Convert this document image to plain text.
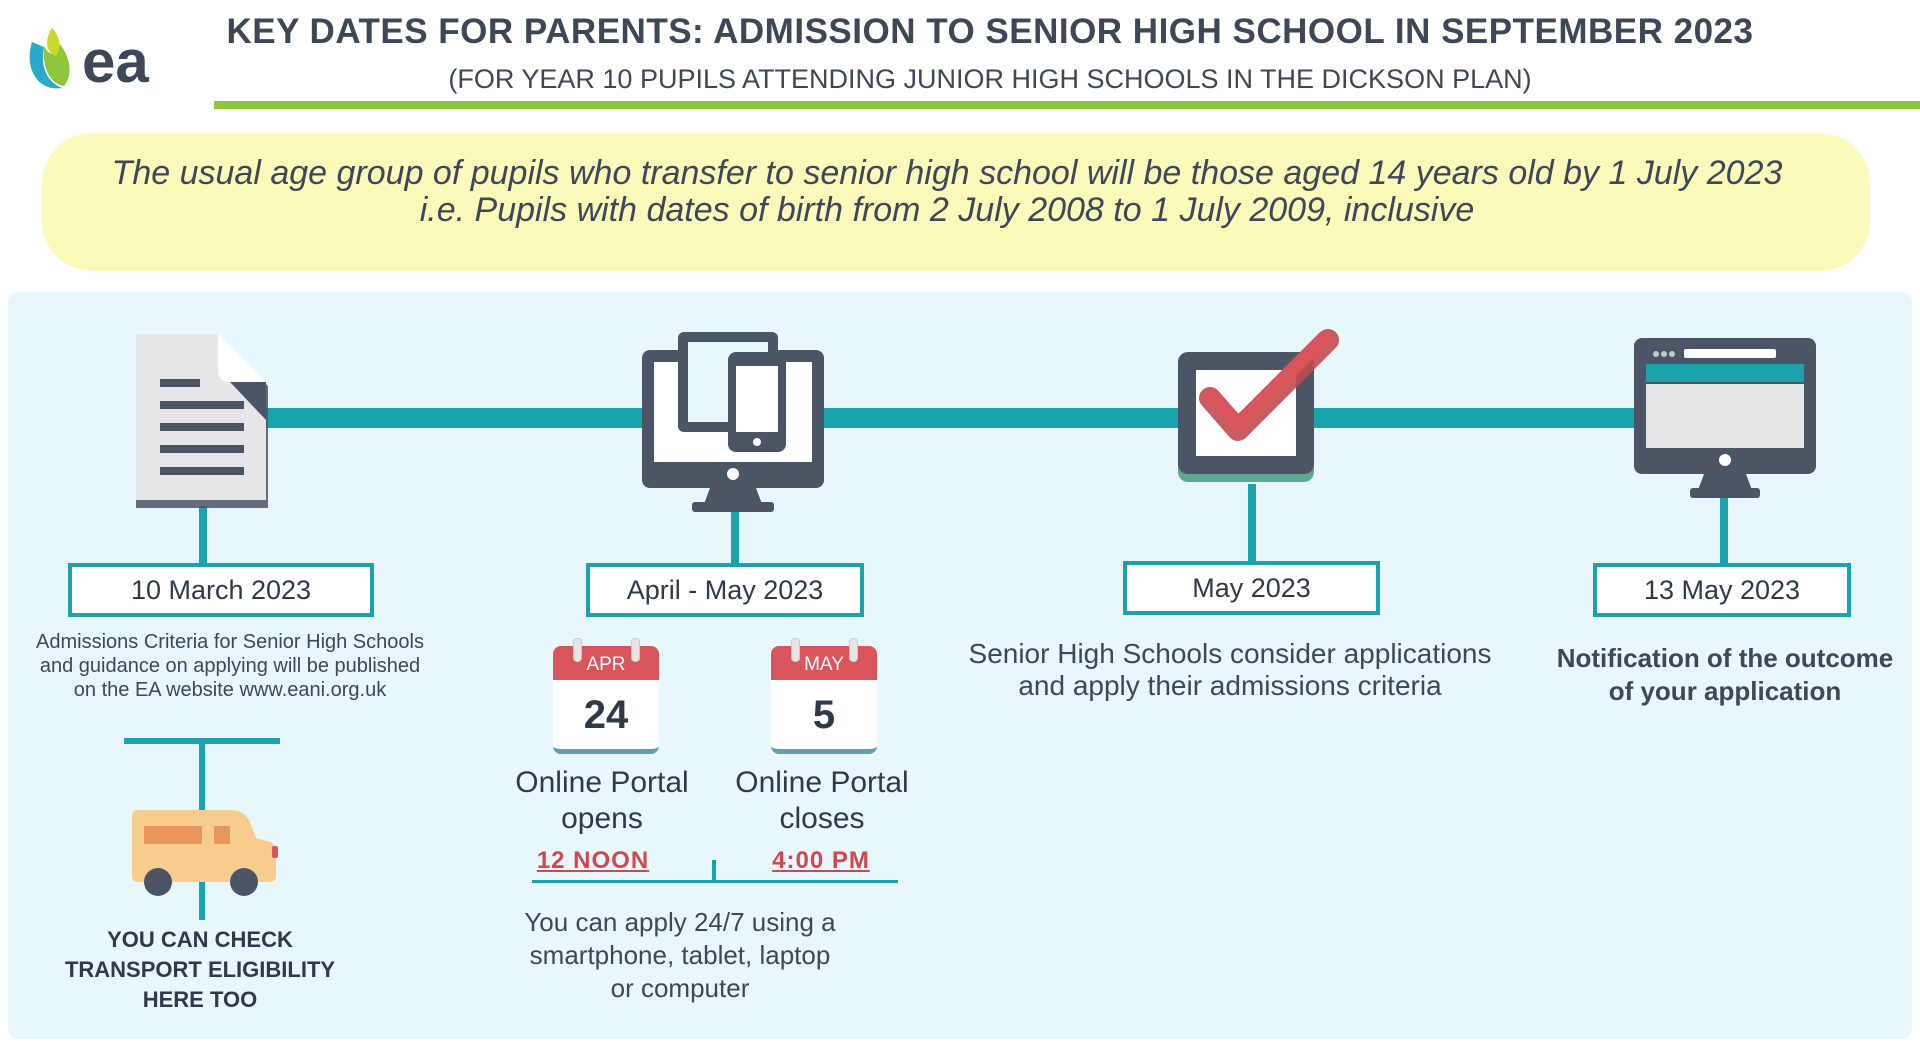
ea	KEY DATES FOR PARENTS: ADMISSION TO SENIOR HIGH SCHOOL IN SEPTEMBER 2023
(FOR YEAR 10 PUPILS ATTENDING JUNIOR HIGH SCHOOLS IN THE DICKSON PLAN)
The usual age group of pupils who transfer to senior high school will be those aged 14 years old by 1 July 2023
i.e. Pupils with dates of birth from 2 July 2008 to 1 July 2009, inclusive
10 March 2023	April - May 2023	May 2023	13 May 2023
Admissions Criteria for Senior High Schools
and guidance on applying will be published
on the EA website www.eani.org.uk
Senior High Schools consider applications
and apply their admissions criteria
Notification of the outcome
of your application
APR
24
MAY
5
Online Portal
opens
Online Portal
closes
12 NOON	4:00 PM
You can apply 24/7 using a
smartphone, tablet, laptop
or computer
YOU CAN CHECK
TRANSPORT ELIGIBILITY
HERE TOO
